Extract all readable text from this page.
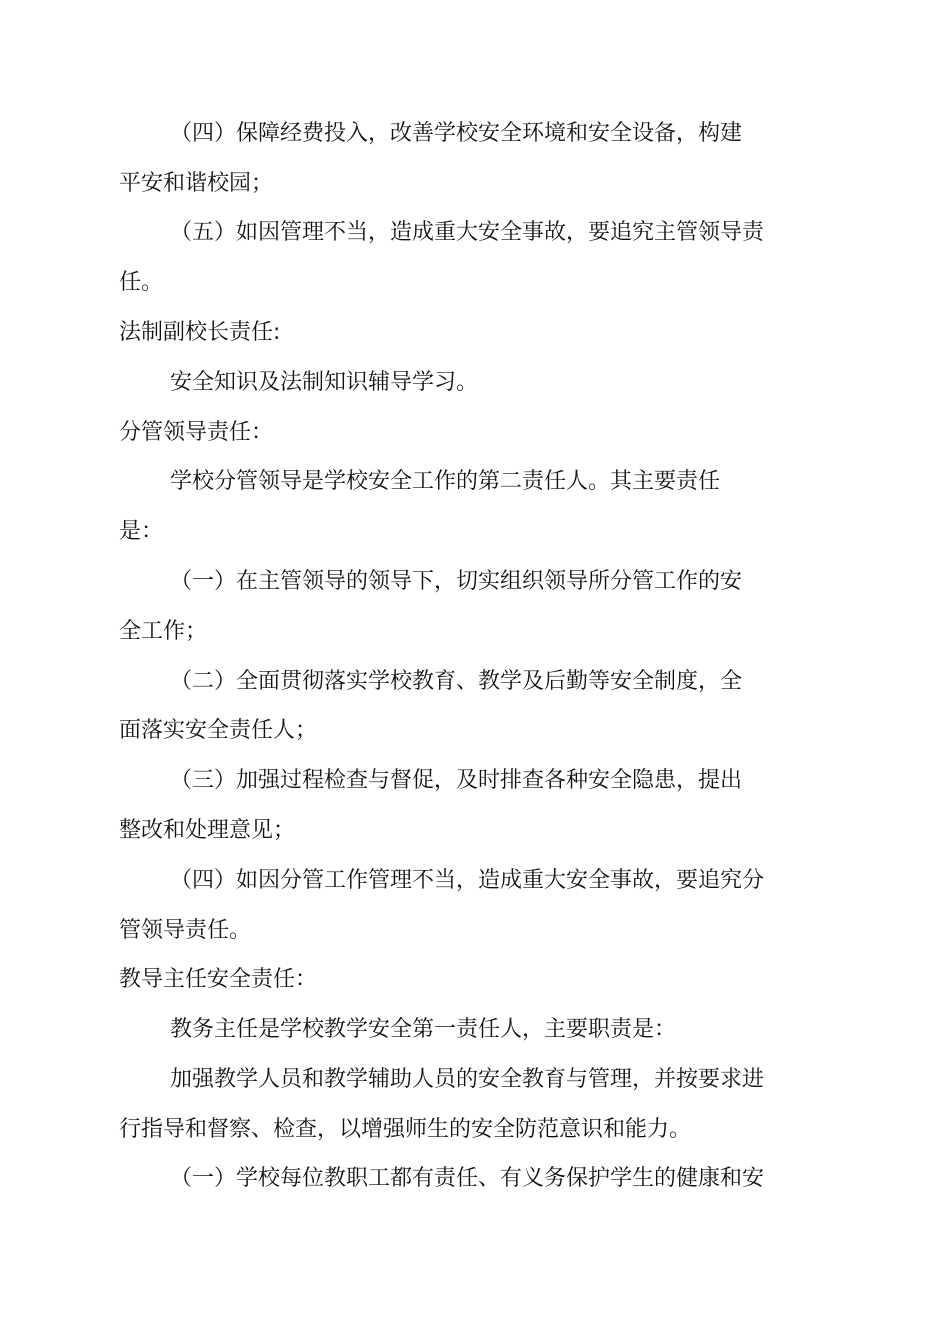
（四）保障经费投入，改善学校安全环境和安全设备，构建
平安和谐校园；
（五）如因管理不当，造成重大安全事故，要追究主管领导责
任。
法制副校长责任:
安全知识及法制知识辅导学习。
分管领导责任：
学校分管领导是学校安全工作的第二责任人。其主要责任
是：
（一）在主管领导的领导下，切实组织领导所分管工作的安
全工作；
（二）全面贯彻落实学校教育、教学及后勤等安全制度，全
面落实安全责任人；
（三）加强过程检查与督促，及时排查各种安全隐患，提出
整改和处理意见；
（四）如因分管工作管理不当，造成重大安全事故，要追究分
管领导责任。
教导主任安全责任：
教务主任是学校教学安全第一责任人，主要职责是：
加强教学人员和教学辅助人员的安全教育与管理，并按要求进
行指导和督察、检查，以增强师生的安全防范意识和能力。
（一）学校每位教职工都有责任、有义务保护学生的健康和安
